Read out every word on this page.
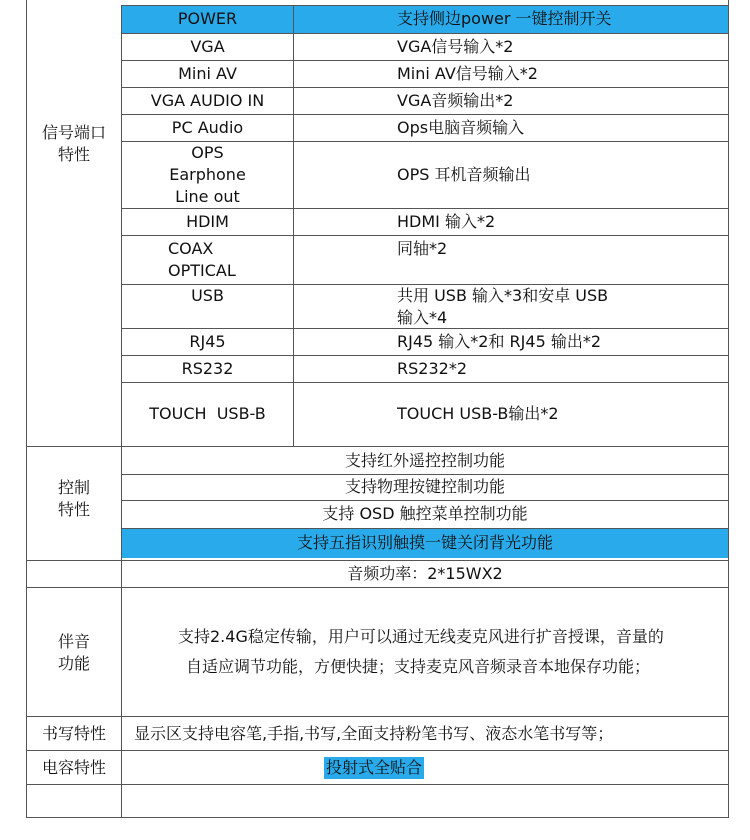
信号端口
特性
POWER
VGA
Mini AV
VGA AUDIO IN
PC Audio
OPS
Earphone
Line out
HDIM
COAX
OPTICAL
USB
RJ45
RS232
TOUCH  USB-B
支持侧边power 一键控制开关
VGA信号输入*2
Mini AV信号输入*2
VGA音频输出*2
Ops电脑音频输入
OPS 耳机音频输出
HDMI 输入*2
同轴*2
共用 USB 输入*3和安卓 USB
输入*4
RJ45 输入*2和 RJ45 输出*2
RS232*2
TOUCH USB-B输出*2
控制
特性
支持红外遥控控制功能
支持物理按键控制功能
支持 OSD 触控菜单控制功能
支持五指识别触摸一键关闭背光功能
音频功率：2*15WX2
伴音
功能
支持2.4G稳定传输，用户可以通过无线麦克风进行扩音授课，音量的
自适应调节功能，方便快捷；支持麦克风音频录音本地保存功能；
书写特性	显示区支持电容笔,手指,书写,全面支持粉笔书写、液态水笔书写等；
电容特性	投射式全贴合
